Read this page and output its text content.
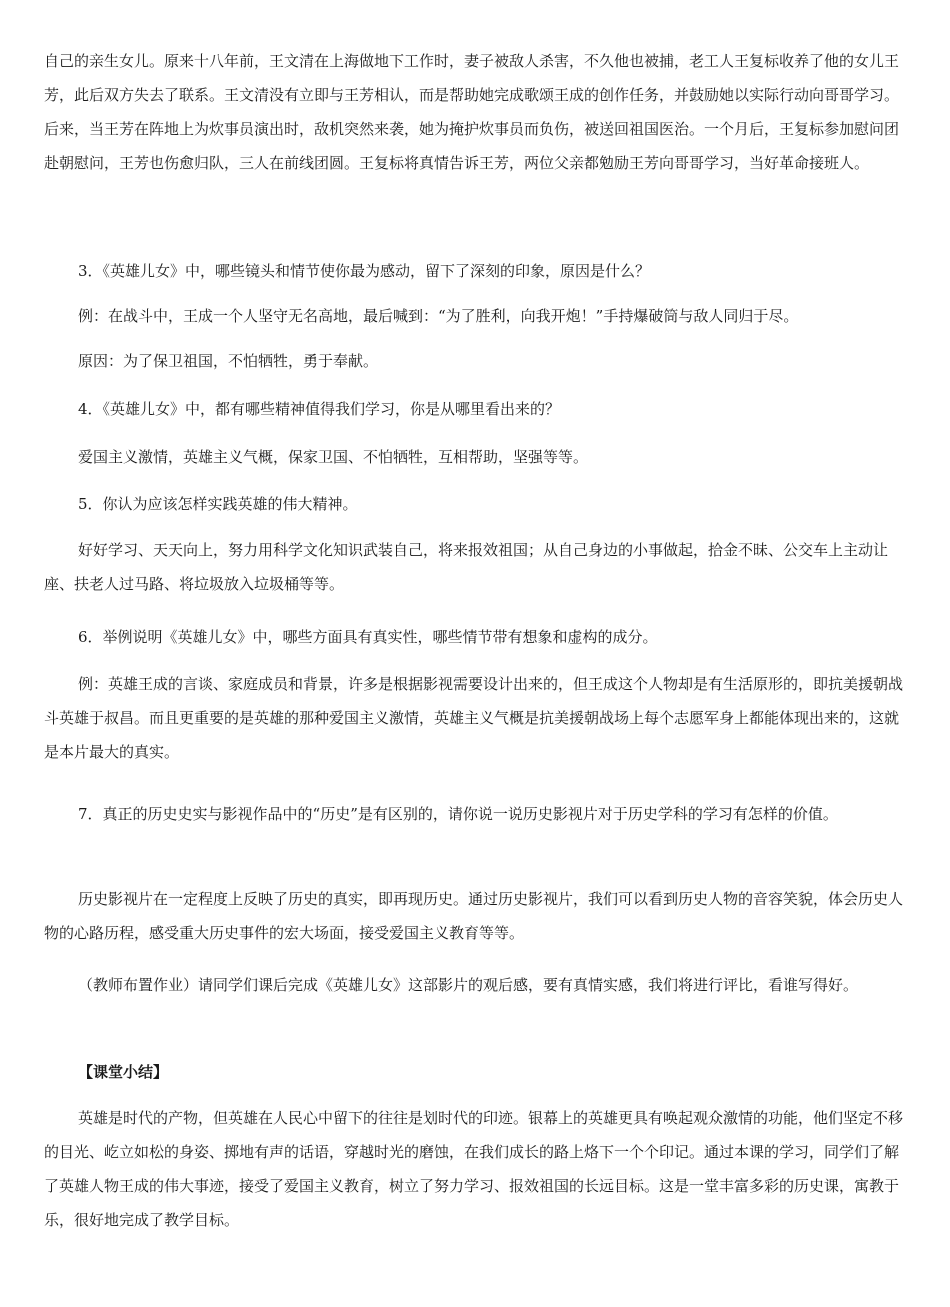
自己的亲生女儿。原来十八年前，王文清在上海做地下工作时，妻子被敌人杀害，不久他也被捕，老工人王复标收养了他的女儿王芳，此后双方失去了联系。王文清没有立即与王芳相认，而是帮助她完成歌颂王成的创作任务，并鼓励她以实际行动向哥哥学习。后来，当王芳在阵地上为炊事员演出时，敌机突然来袭，她为掩护炊事员而负伤，被送回祖国医治。一个月后，王复标参加慰问团赴朝慰问，王芳也伤愈归队，三人在前线团圆。王复标将真情告诉王芳，两位父亲都勉励王芳向哥哥学习，当好革命接班人。

3．《英雄儿女》中，哪些镜头和情节使你最为感动，留下了深刻的印象，原因是什么？

例：在战斗中，王成一个人坚守无名高地，最后喊到：“为了胜利，向我开炮！”手持爆破筒与敌人同归于尽。

原因：为了保卫祖国，不怕牺牲，勇于奉献。

4．《英雄儿女》中，都有哪些精神值得我们学习，你是从哪里看出来的？

爱国主义激情，英雄主义气概，保家卫国、不怕牺牲，互相帮助，坚强等等。

5．你认为应该怎样实践英雄的伟大精神。

好好学习、天天向上，努力用科学文化知识武装自己，将来报效祖国；从自己身边的小事做起，拾金不昧、公交车上主动让座、扶老人过马路、将垃圾放入垃圾桶等等。

6．举例说明《英雄儿女》中，哪些方面具有真实性，哪些情节带有想象和虚构的成分。

例：英雄王成的言谈、家庭成员和背景，许多是根据影视需要设计出来的，但王成这个人物却是有生活原形的，即抗美援朝战斗英雄于叔昌。而且更重要的是英雄的那种爱国主义激情，英雄主义气概是抗美援朝战场上每个志愿军身上都能体现出来的，这就是本片最大的真实。

7．真正的历史史实与影视作品中的“历史”是有区别的，请你说一说历史影视片对于历史学科的学习有怎样的价值。

历史影视片在一定程度上反映了历史的真实，即再现历史。通过历史影视片，我们可以看到历史人物的音容笑貌，体会历史人物的心路历程，感受重大历史事件的宏大场面，接受爱国主义教育等等。

（教师布置作业）请同学们课后完成《英雄儿女》这部影片的观后感，要有真情实感，我们将进行评比，看谁写得好。

【课堂小结】

英雄是时代的产物，但英雄在人民心中留下的往往是划时代的印迹。银幕上的英雄更具有唤起观众激情的功能，他们坚定不移的目光、屹立如松的身姿、掷地有声的话语，穿越时光的磨蚀，在我们成长的路上烙下一个个印记。通过本课的学习，同学们了解了英雄人物王成的伟大事迹，接受了爱国主义教育，树立了努力学习、报效祖国的长远目标。这是一堂丰富多彩的历史课，寓教于乐，很好地完成了教学目标。
